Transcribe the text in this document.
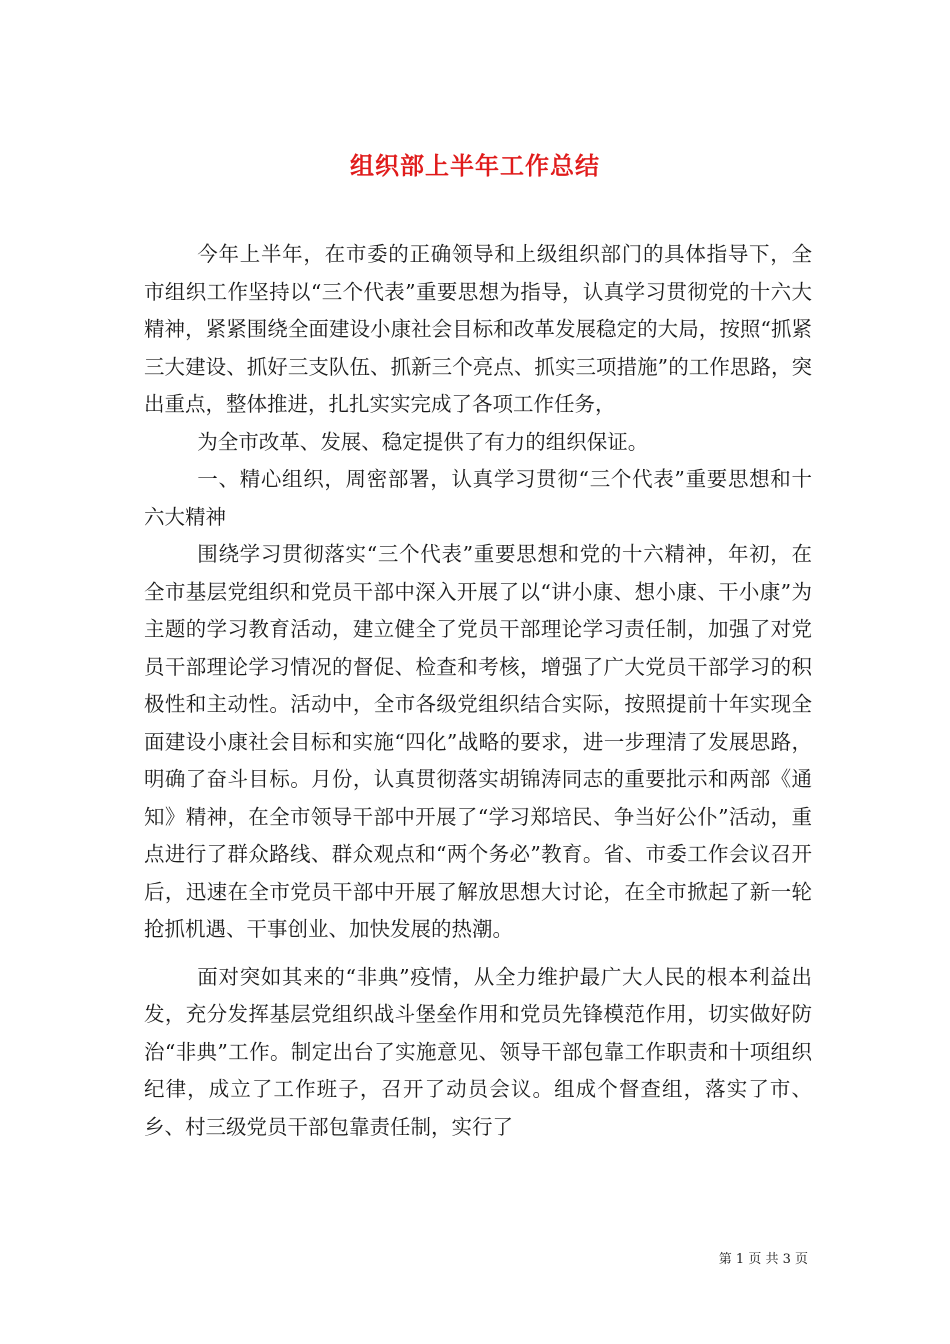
组织部上半年工作总结

今年上半年，在市委的正确领导和上级组织部门的具体指导下，全市组织工作坚持以“三个代表”重要思想为指导，认真学习贯彻党的十六大精神，紧紧围绕全面建设小康社会目标和改革发展稳定的大局，按照“抓紧三大建设、抓好三支队伍、抓新三个亮点、抓实三项措施”的工作思路，突出重点，整体推进，扎扎实实完成了各项工作任务，

为全市改革、发展、稳定提供了有力的组织保证。

一、精心组织，周密部署，认真学习贯彻“三个代表”重要思想和十六大精神

围绕学习贯彻落实“三个代表”重要思想和党的十六精神，年初，在全市基层党组织和党员干部中深入开展了以“讲小康、想小康、干小康”为主题的学习教育活动，建立健全了党员干部理论学习责任制，加强了对党员干部理论学习情况的督促、检查和考核，增强了广大党员干部学习的积极性和主动性。活动中，全市各级党组织结合实际，按照提前十年实现全面建设小康社会目标和实施“四化”战略的要求，进一步理清了发展思路，明确了奋斗目标。月份，认真贯彻落实胡锦涛同志的重要批示和两部《通知》精神，在全市领导干部中开展了“学习郑培民、争当好公仆”活动，重点进行了群众路线、群众观点和“两个务必”教育。省、市委工作会议召开后，迅速在全市党员干部中开展了解放思想大讨论，在全市掀起了新一轮抢抓机遇、干事创业、加快发展的热潮。

面对突如其来的“非典”疫情，从全力维护最广大人民的根本利益出发，充分发挥基层党组织战斗堡垒作用和党员先锋模范作用，切实做好防治“非典”工作。制定出台了实施意见、领导干部包靠工作职责和十项组织纪律，成立了工作班子，召开了动员会议。组成个督查组，落实了市、乡、村三级党员干部包靠责任制，实行了

第 1 页 共 3 页
